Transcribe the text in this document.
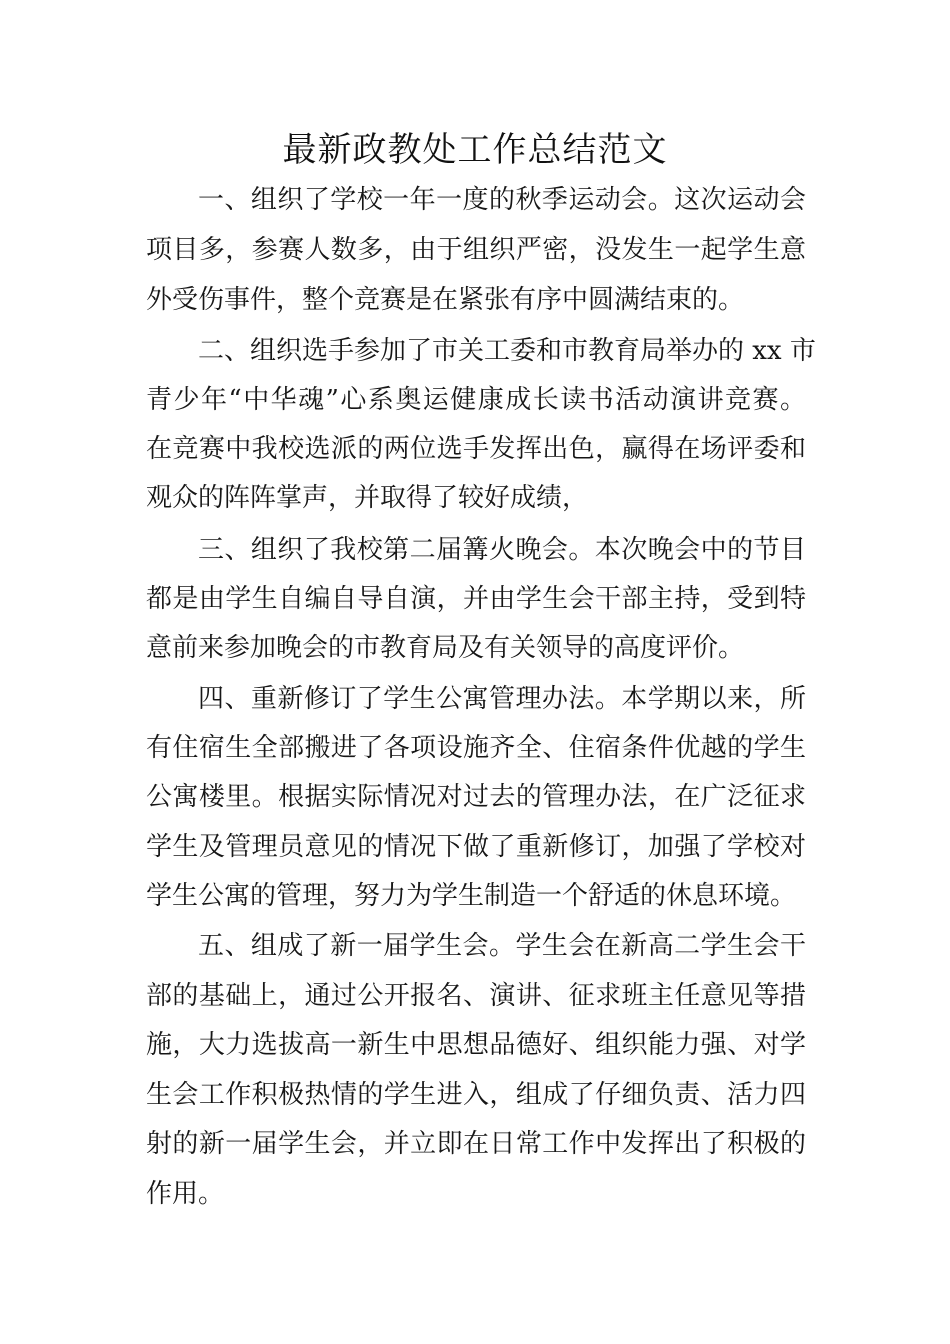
最新政教处工作总结范文
一、组织了学校一年一度的秋季运动会。这次运动会
项目多，参赛人数多，由于组织严密，没发生一起学生意
外受伤事件，整个竞赛是在紧张有序中圆满结束的。
二、组织选手参加了市关工委和市教育局举办的 xx 市
青少年“中华魂”心系奥运健康成长读书活动演讲竞赛。
在竞赛中我校选派的两位选手发挥出色，赢得在场评委和
观众的阵阵掌声，并取得了较好成绩，
三、组织了我校第二届篝火晚会。本次晚会中的节目
都是由学生自编自导自演，并由学生会干部主持，受到特
意前来参加晚会的市教育局及有关领导的高度评价。
四、重新修订了学生公寓管理办法。本学期以来，所
有住宿生全部搬进了各项设施齐全、住宿条件优越的学生
公寓楼里。根据实际情况对过去的管理办法，在广泛征求
学生及管理员意见的情况下做了重新修订，加强了学校对
学生公寓的管理，努力为学生制造一个舒适的休息环境。
五、组成了新一届学生会。学生会在新高二学生会干
部的基础上，通过公开报名、演讲、征求班主任意见等措
施，大力选拔高一新生中思想品德好、组织能力强、对学
生会工作积极热情的学生进入，组成了仔细负责、活力四
射的新一届学生会，并立即在日常工作中发挥出了积极的
作用。
